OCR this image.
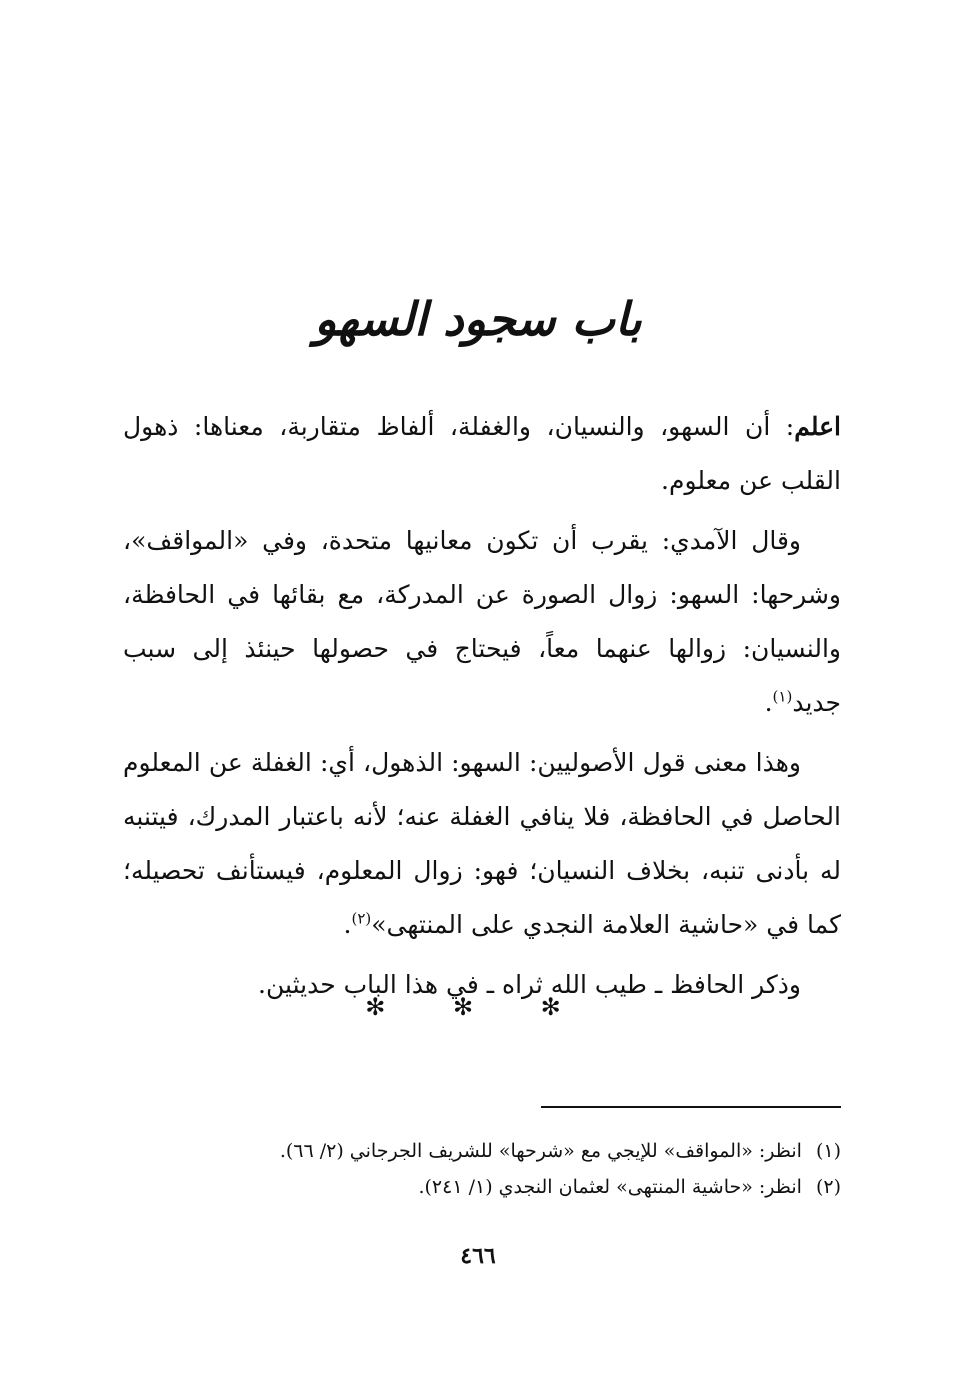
باب سجود السهو

اعلم: أن السهو، والنسيان، والغفلة، ألفاظ متقاربة، معناها: ذهول القلب عن معلوم.

وقال الآمدي: يقرب أن تكون معانيها متحدة، وفي «المواقف»، وشرحها: السهو: زوال الصورة عن المدركة، مع بقائها في الحافظة، والنسيان: زوالها عنهما معاً، فيحتاج في حصولها حينئذ إلى سبب جديد$^{(١)}$.

وهذا معنى قول الأصوليين: السهو: الذهول، أي: الغفلة عن المعلوم الحاصل في الحافظة، فلا ينافي الغفلة عنه؛ لأنه باعتبار المدرك، فيتنبه له بأدنى تنبه، بخلاف النسيان؛ فهو: زوال المعلوم، فيستأنف تحصيله؛ كما في «حاشية العلامة النجدي على المنتهى»$^{(٢)}$.

وذكر الحافظ ـ طيب الله ثراه ـ في هذا الباب حديثين.

✻ ✻ ✻
(١)انظر: «المواقف» للإيجي مع «شرحها» للشريف الجرجاني (٢/ ٦٦).
(٢)انظر: «حاشية المنتهى» لعثمان النجدي (١/ ٢٤١).
٤٦٦
